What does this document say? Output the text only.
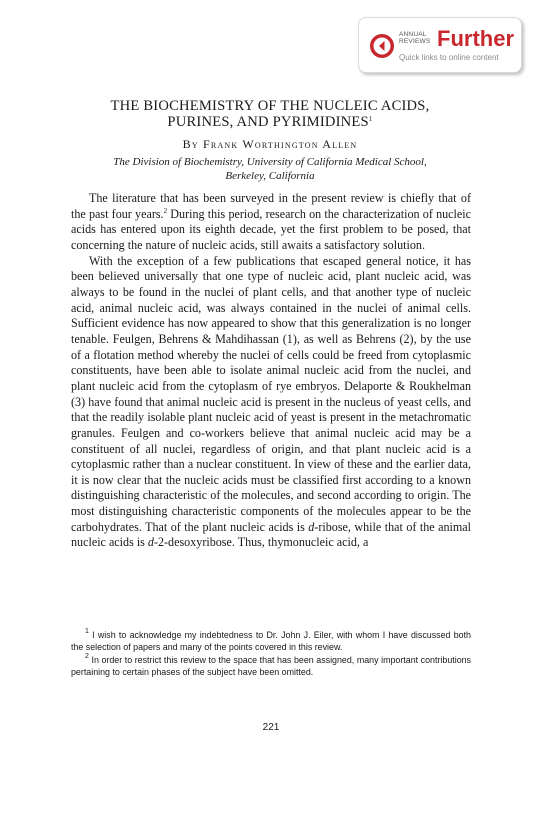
ANNUAL
REVIEWS Further
Quick links to online content
THE BIOCHEMISTRY OF THE NUCLEIC ACIDS,
PURINES, AND PYRIMIDINES$^1$
By Frank Worthington Allen
The Division of Biochemistry, University of California Medical School,
Berkeley, California

The literature that has been surveyed in the present review is chiefly that of the past four years.$^2$ During this period, research on the characterization of nucleic acids has entered upon its eighth decade, yet the first problem to be posed, that concerning the nature of nucleic acids, still awaits a satisfactory solution.

With the exception of a few publications that escaped general notice, it has been believed universally that one type of nucleic acid, plant nucleic acid, was always to be found in the nuclei of plant cells, and that another type of nucleic acid, animal nucleic acid, was always contained in the nuclei of animal cells. Sufficient evidence has now appeared to show that this generalization is no longer tenable. Feulgen, Behrens & Mahdihassan (1), as well as Behrens (2), by the use of a flotation method whereby the nuclei of cells could be freed from cytoplasmic constituents, have been able to isolate animal nucleic acid from the nuclei, and plant nucleic acid from the cytoplasm of rye embryos. Delaporte & Roukhelman (3) have found that animal nucleic acid is present in the nucleus of yeast cells, and that the readily isolable plant nucleic acid of yeast is present in the metachromatic granules. Feulgen and co-workers believe that animal nucleic acid may be a constituent of all nuclei, regardless of origin, and that plant nucleic acid is a cytoplasmic rather than a nuclear constituent. In view of these and the earlier data, it is now clear that the nucleic acids must be classified first according to a known distinguishing characteristic of the molecules, and second according to origin. The most distinguishing characteristic components of the molecules appear to be the carbohydrates. That of the plant nucleic acids is d-ribose, while that of the animal nucleic acids is d-2-desoxyribose. Thus, thymonucleic acid, a

$^1$ I wish to acknowledge my indebtedness to Dr. John J. Eiler, with whom I have discussed both the selection of papers and many of the points covered in this review.

$^2$ In order to restrict this review to the space that has been assigned, many important contributions pertaining to certain phases of the subject have been omitted.

221
